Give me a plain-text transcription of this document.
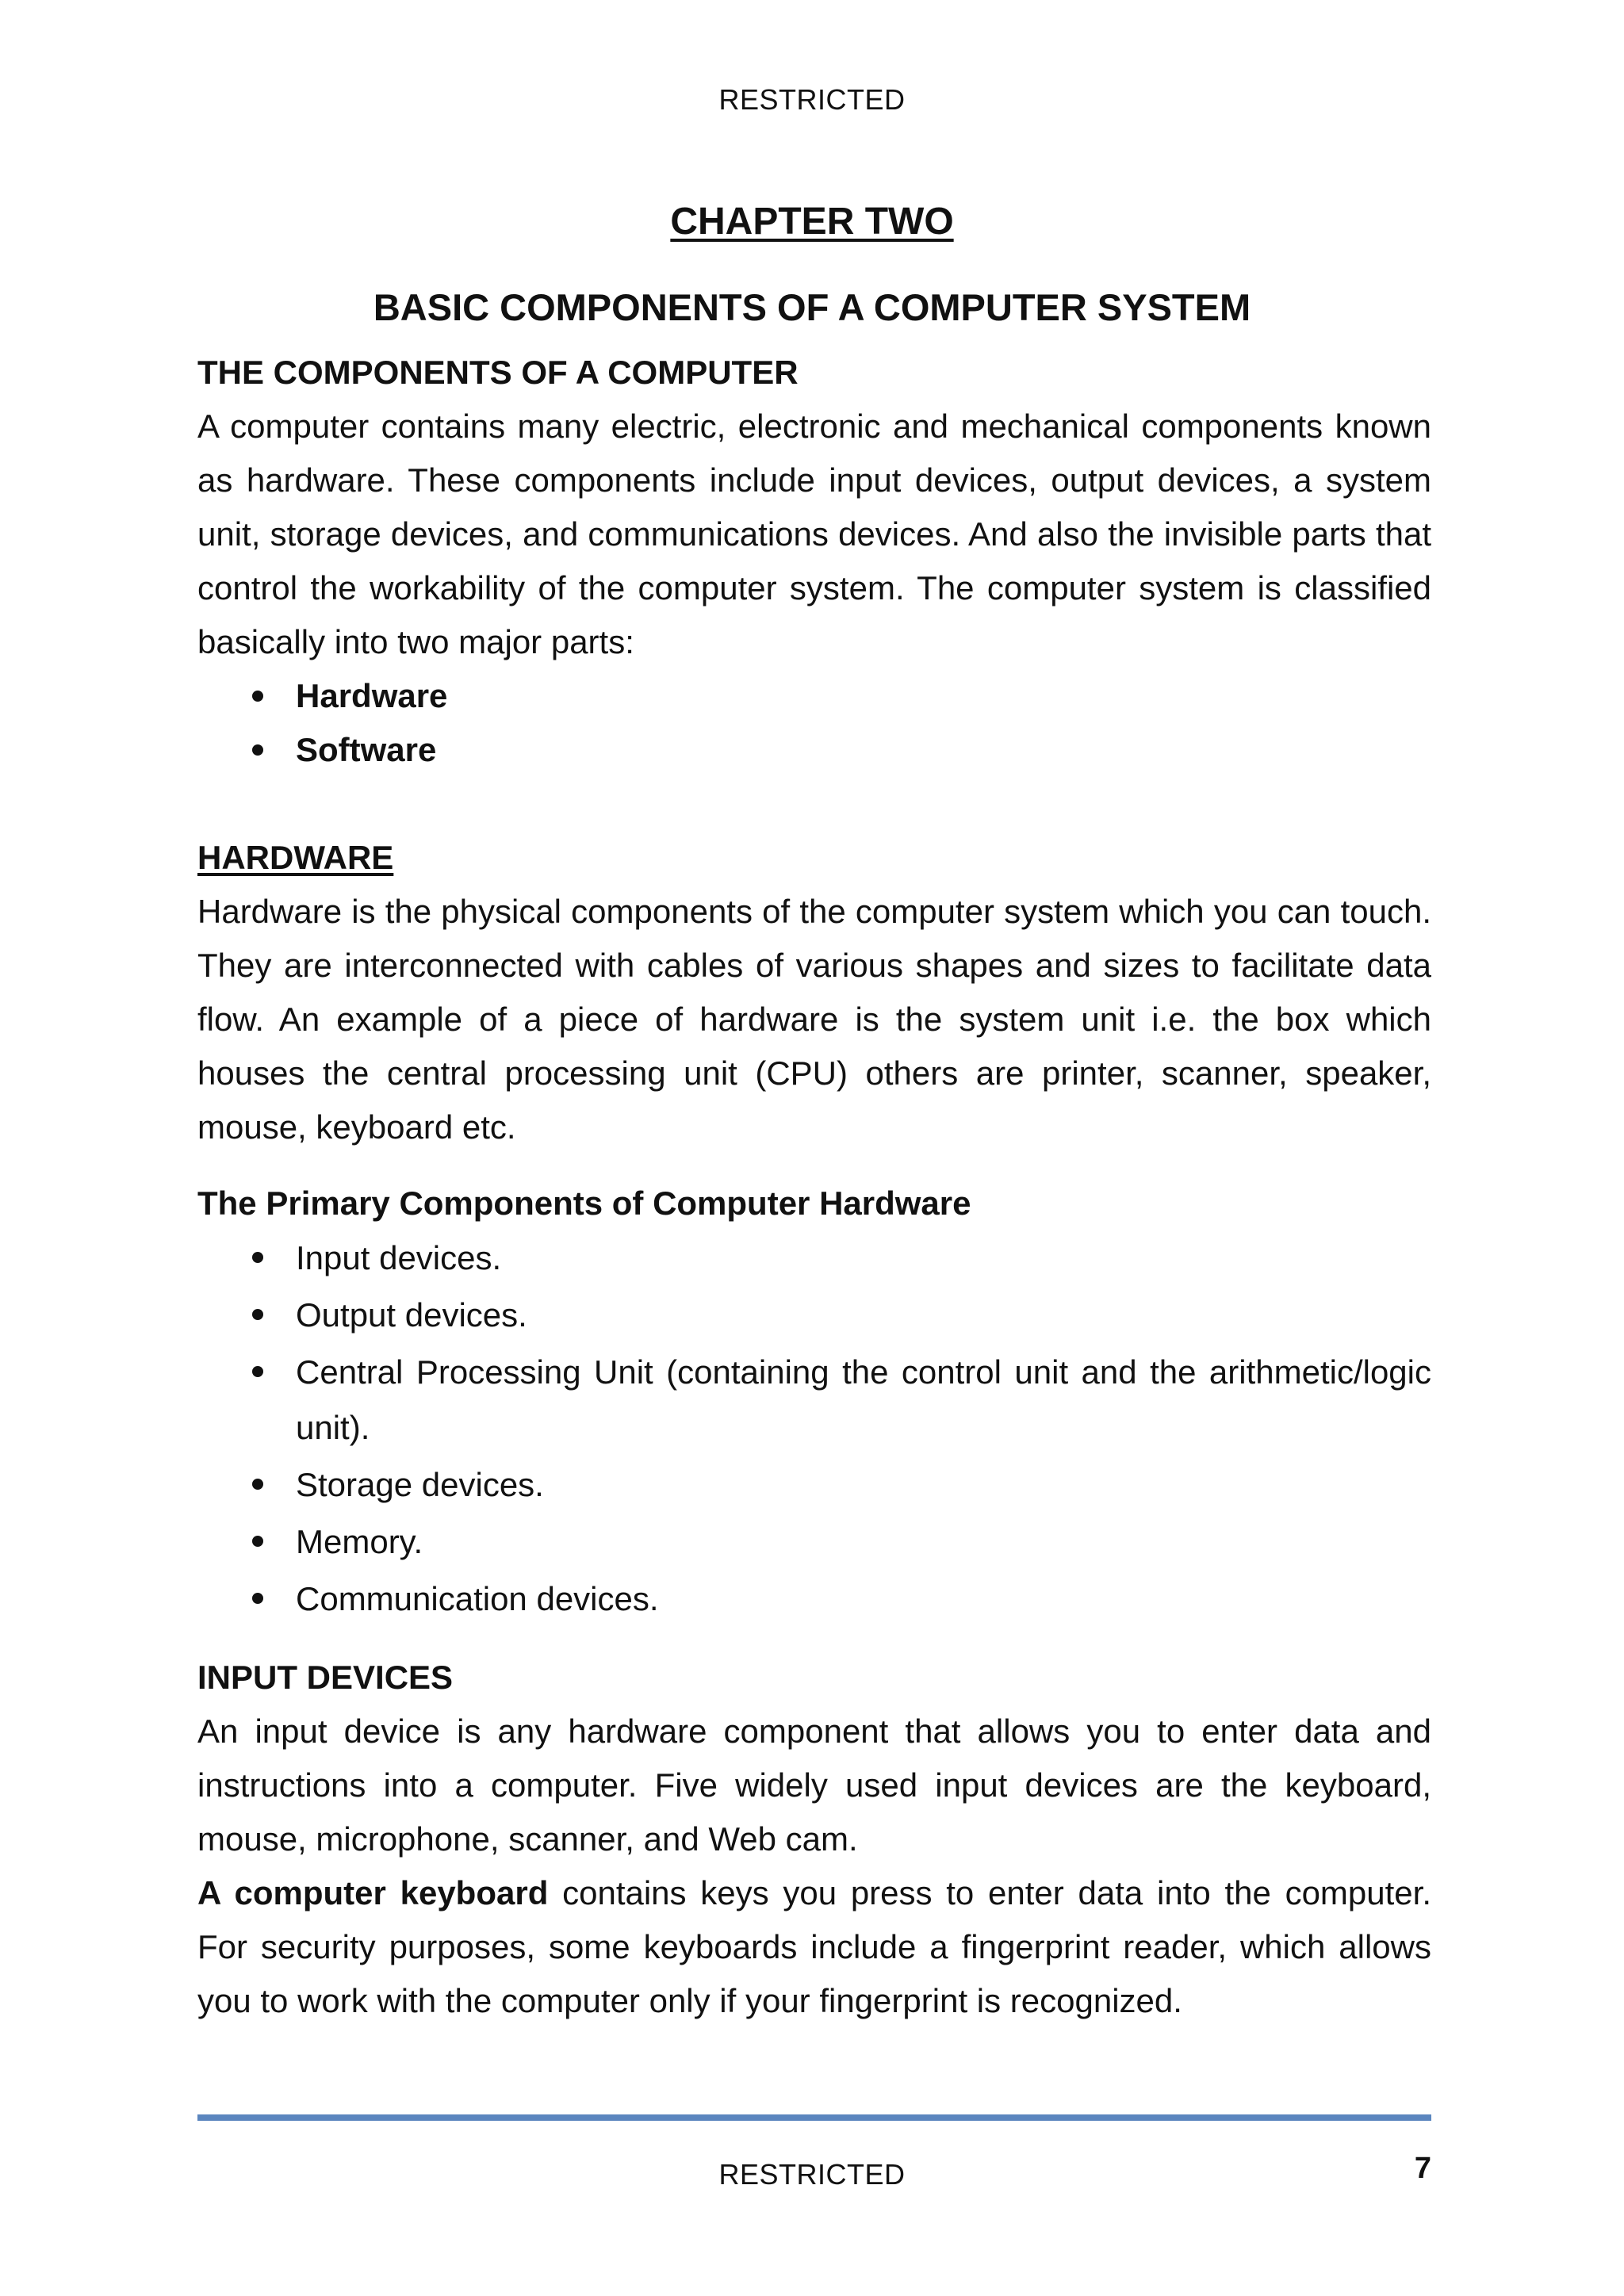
RESTRICTED
CHAPTER TWO
BASIC COMPONENTS OF A COMPUTER SYSTEM
THE COMPONENTS OF A COMPUTER

A computer contains many electric, electronic and mechanical components known as hardware. These components include input devices, output devices, a system unit, storage devices, and communications devices. And also the invisible parts that control the workability of the computer system. The computer system is classified basically into two major parts:

Hardware
Software
HARDWARE

Hardware is the physical components of the computer system which you can touch. They are interconnected with cables of various shapes and sizes to facilitate data flow. An example of a piece of hardware is the system unit i.e. the box which houses the central processing unit (CPU) others are printer, scanner, speaker, mouse, keyboard etc.

The Primary Components of Computer Hardware
Input devices.
Output devices.
Central Processing Unit (containing the control unit and the arithmetic/logic unit).
Storage devices.
Memory.
Communication devices.
INPUT DEVICES

An input device is any hardware component that allows you to enter data and instructions into a computer. Five widely used input devices are the keyboard, mouse, microphone, scanner, and Web cam.

A computer keyboard contains keys you press to enter data into the computer. For security purposes, some keyboards include a fingerprint reader, which allows you to work with the computer only if your fingerprint is recognized.

RESTRICTED	7
